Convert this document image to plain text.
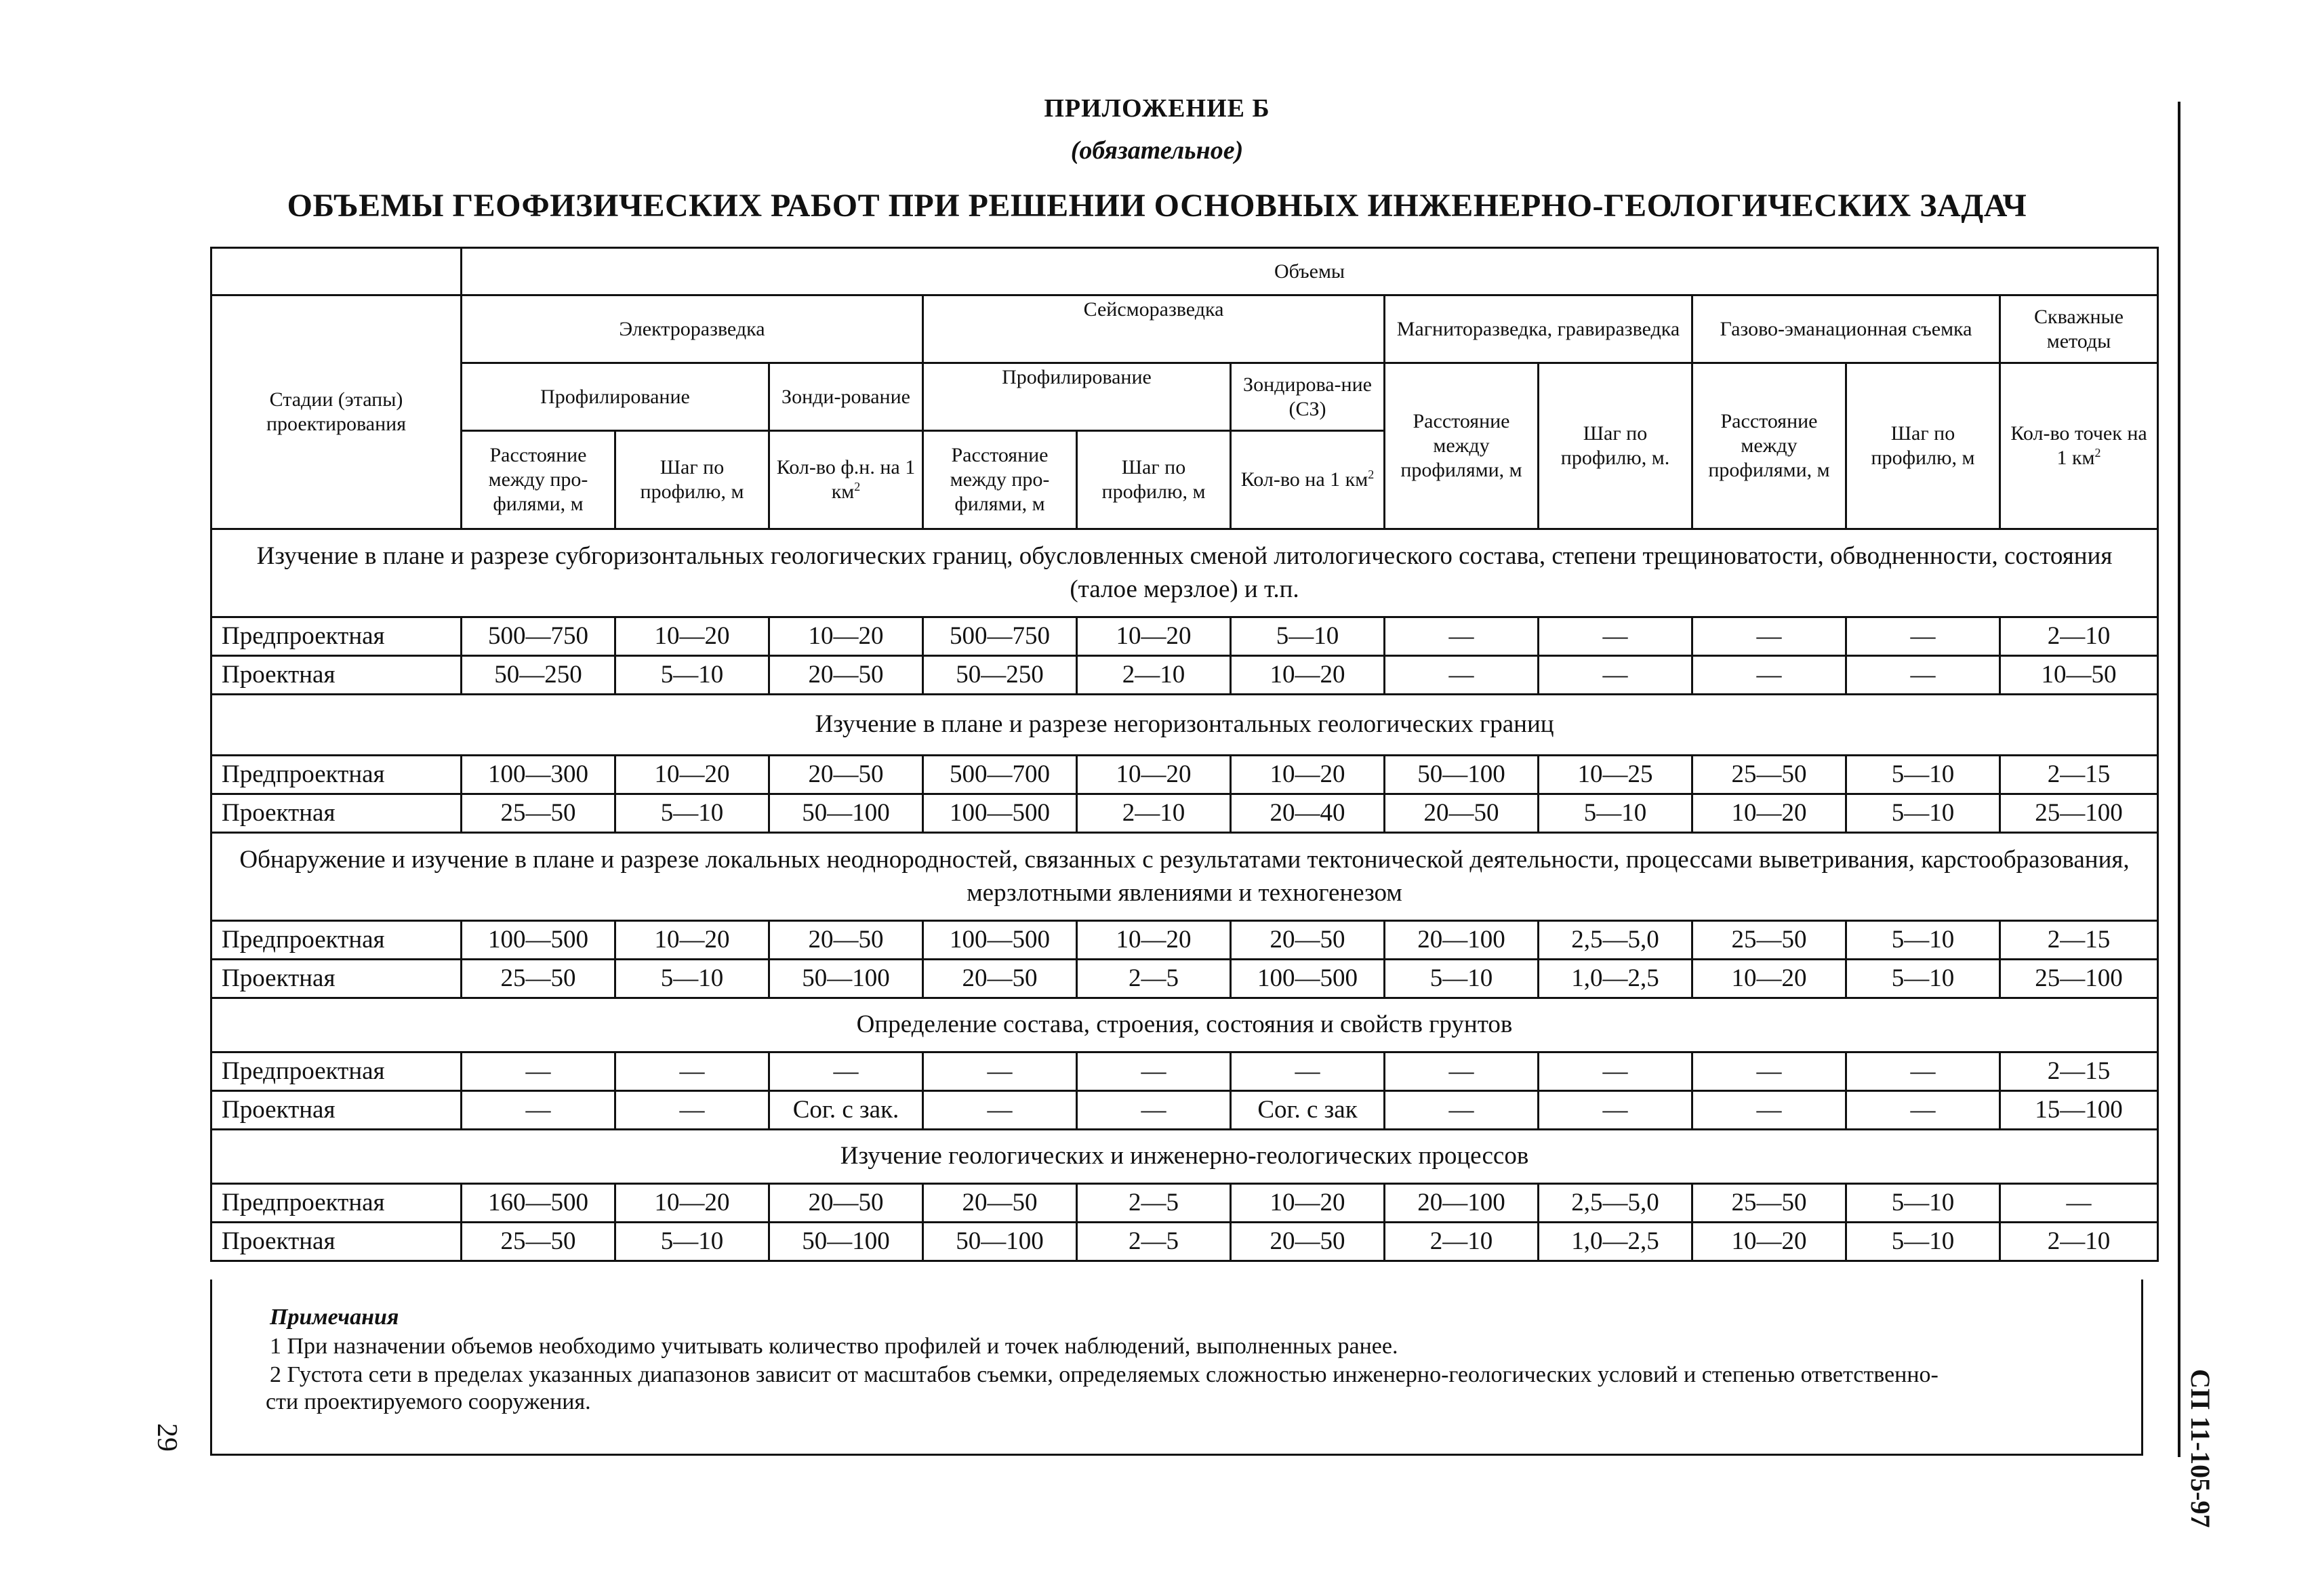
ПРИЛОЖЕНИЕ Б
(обязательное)
ОБЪЕМЫ ГЕОФИЗИЧЕСКИХ РАБОТ ПРИ РЕШЕНИИ ОСНОВНЫХ ИНЖЕНЕРНО-ГЕОЛОГИЧЕСКИХ ЗАДАЧ
	Объемы										
Стадии (этапы) проектирования	Электроразведка			Сейсморазведка			Магниторазведка, гравиразведка		Газово-эманационная съемка		Скважные методы
	Профилирование		Зонди-рование	Профилирование		Зондирова-ние (СЗ)	Расстояние между профилями, м	Шаг по профилю, м.	Расстояние между профилями, м	Шаг по профилю, м	Кол-во точек на 1 $км^2$
	Расстояние между про-филями, м	Шаг по профилю, м	Кол-во ф.н. на 1 $км^2$	Расстояние между про-филями, м	Шаг по профилю, м	Кол-во на 1 $км^2$
Изучение в плане и разрезе субгоризонтальных геологических границ, обусловленных сменой литологического состава, степени трещиноватости, обводненности, состояния (талое мерзлое) и т.п.											
Предпроектная	500—750	10—20	10—20	500—750	10—20	5—10	—	—	—	—	2—10
Проектная	50—250	5—10	20—50	50—250	2—10	10—20	—	—	—	—	10—50
Изучение в плане и разрезе негоризонтальных геологических границ											
Предпроектная	100—300	10—20	20—50	500—700	10—20	10—20	50—100	10—25	25—50	5—10	2—15
Проектная	25—50	5—10	50—100	100—500	2—10	20—40	20—50	5—10	10—20	5—10	25—100
Обнаружение и изучение в плане и разрезе локальных неоднородностей, связанных с результатами тектонической деятельности, процессами выветривания, карстообразования, мерзлотными явлениями и техногенезом											
Предпроектная	100—500	10—20	20—50	100—500	10—20	20—50	20—100	2,5—5,0	25—50	5—10	2—15
Проектная	25—50	5—10	50—100	20—50	2—5	100—500	5—10	1,0—2,5	10—20	5—10	25—100
Определение состава, строения, состояния и свойств грунтов											
Предпроектная	—	—	—	—	—	—	—	—	—	—	2—15
Проектная	—	—	Сог. с зак.	—	—	Сог. с зак	—	—	—	—	15—100
Изучение геологических и инженерно-геологических процессов											
Предпроектная	160—500	10—20	20—50	20—50	2—5	10—20	20—100	2,5—5,0	25—50	5—10	—
Проектная	25—50	5—10	50—100	50—100	2—5	20—50	2—10	1,0—2,5	10—20	5—10	2—10
Примечания
1 При назначении объемов необходимо учитывать количество профилей и точек наблюдений, выполненных ранее.
2 Густота сети в пределах указанных диапазонов зависит от масштабов съемки, определяемых сложностью инженерно-геологических условий и степенью ответственно-
сти проектируемого сооружения.	СП 11-105-97
29
